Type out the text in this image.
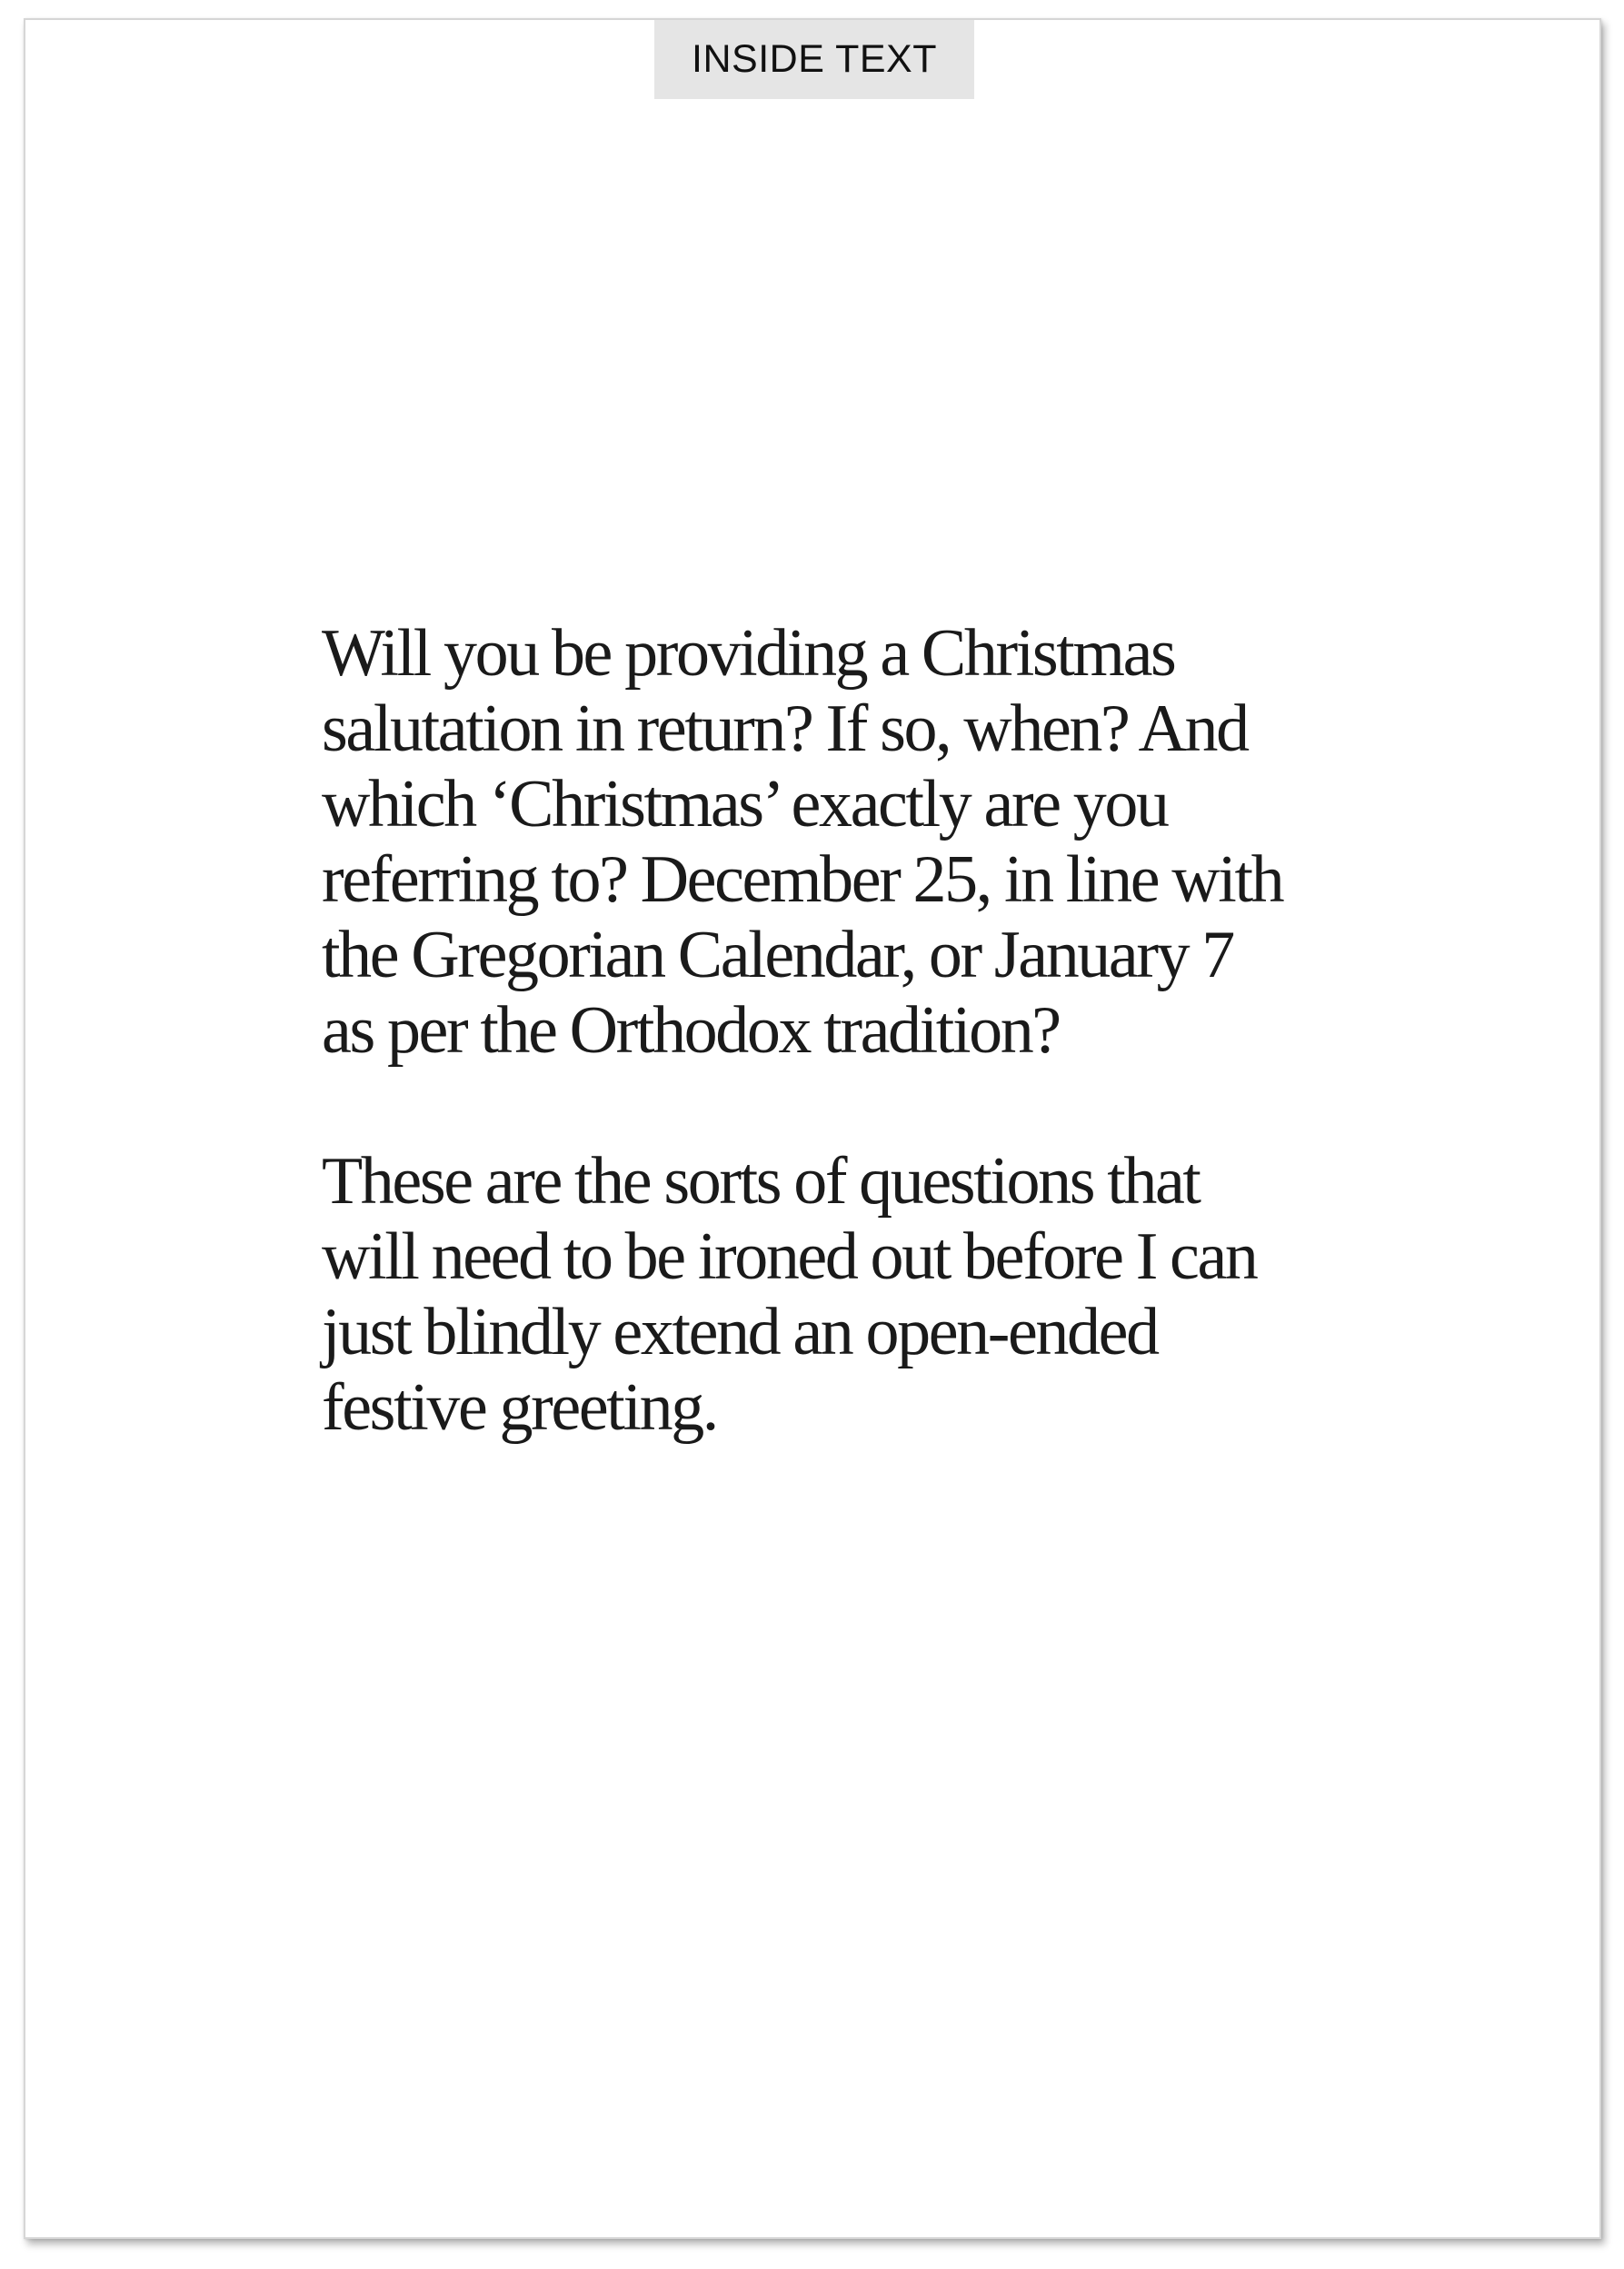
INSIDE TEXT
Will you be providing a Christmas
salutation in return? If so, when? And
which ‘Christmas’ exactly are you
referring to? December 25, in line with
the Gregorian Calendar, or January 7
as per the Orthodox tradition?
These are the sorts of questions that
will need to be ironed out before I can
just blindly extend an open-ended
festive greeting.
